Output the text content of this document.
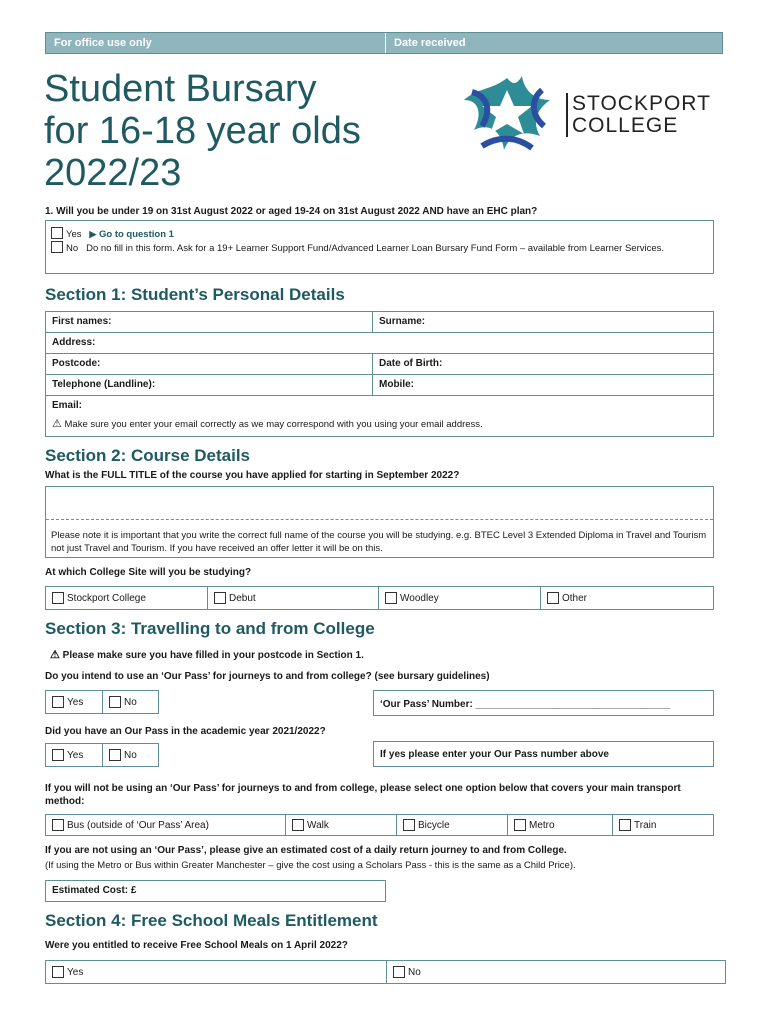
For office use only	Date received
Student Bursary
for 16-18 year olds
2022/23
STOCKPORT
COLLEGE
1. Will you be under 19 on 31st August 2022 or aged 19-24 on 31st August 2022 AND have an EHC plan?
Yes ▶ Go to question 1
No Do no fill in this form. Ask for a 19+ Learner Support Fund/Advanced Learner Loan Bursary Fund Form – available from Learner Services.
Section 1: Student’s Personal Details
First names:	Surname:
Address:
Postcode:	Date of Birth:
Telephone (Landline):	Mobile:
Email:
⚠ Make sure you enter your email correctly as we may correspond with you using your email address.
Section 2: Course Details
What is the FULL TITLE of the course you have applied for starting in September 2022?
Please note it is important that you write the correct full name of the course you will be studying. e.g. BTEC Level 3 Extended Diploma in Travel and Tourism not just Travel and Tourism. If you have received an offer letter it will be on this.
At which College Site will you be studying?
Stockport College	Debut	Woodley	Other
Section 3: Travelling to and from College
⚠ Please make sure you have filled in your postcode in Section 1.
Do you intend to use an ‘Our Pass’ for journeys to and from college? (see bursary guidelines)
Yes	No	‘Our Pass’ Number: ___________________________________
Did you have an Our Pass in the academic year 2021/2022?
Yes	No	If yes please enter your Our Pass number above
If you will not be using an ‘Our Pass’ for journeys to and from college, please select one option below that covers your main transport method:
Bus (outside of ‘Our Pass’ Area)	Walk	Bicycle	Metro	Train
If you are not using an ‘Our Pass’, please give an estimated cost of a daily return journey to and from College.
(If using the Metro or Bus within Greater Manchester – give the cost using a Scholars Pass - this is the same as a Child Price).
Estimated Cost: £
Section 4: Free School Meals Entitlement
Were you entitled to receive Free School Meals on 1 April 2022?
Yes	No
